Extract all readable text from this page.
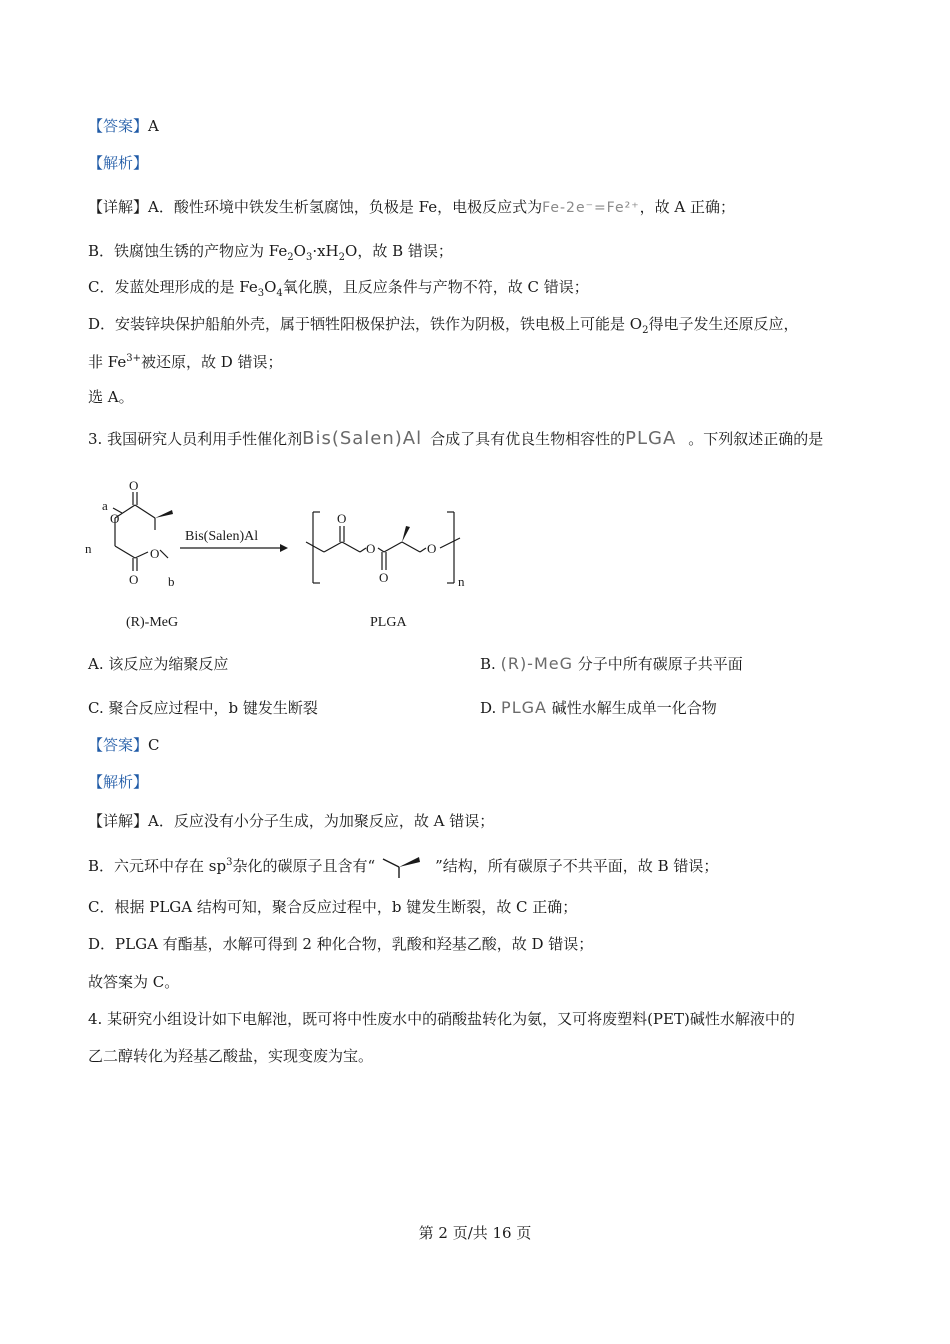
【答案】A
【解析】
【详解】A．酸性环境中铁发生析氢腐蚀，负极是 Fe，电极反应式为Fe-2e⁻=Fe²⁺，故 A 正确；
B．铁腐蚀生锈的产物应为 $Fe_2O_3\cdot xH_2O$，故 B 错误；
C．发蓝处理形成的是 $Fe_3O_4$氧化膜，且反应条件与产物不符，故 C 错误；
D．安装锌块保护船舶外壳，属于牺牲阳极保护法，铁作为阴极，铁电极上可能是 $O_2$得电子发生还原反应，
非 $Fe^{3+}$被还原，故 D 错误；
选 A。
3. 我国研究人员利用手性催化剂Bis(Salen)Al 合成了具有优良生物相容性的PLGA 。下列叙述正确的是
O
a
O
n	O
b
O
Bis(Salen)Al
O
O
O
O
n
(R)-MeG	PLGA
A. 该反应为缩聚反应	B. (R)-MeG 分子中所有碳原子共平面
C. 聚合反应过程中，b 键发生断裂	D. PLGA 碱性水解生成单一化合物
【答案】C
【解析】
【详解】A．反应没有小分子生成，为加聚反应，故 A 错误；
B．六元环中存在 $sp^3$杂化的碳原子且含有“	”结构，所有碳原子不共平面，故 B 错误；
C．根据 PLGA 结构可知，聚合反应过程中，b 键发生断裂，故 C 正确；
D．PLGA 有酯基，水解可得到 2 种化合物，乳酸和羟基乙酸，故 D 错误；
故答案为 C。
4. 某研究小组设计如下电解池，既可将中性废水中的硝酸盐转化为氨，又可将废塑料(PET)碱性水解液中的
乙二醇转化为羟基乙酸盐，实现变废为宝。
第 2 页/共 16 页
